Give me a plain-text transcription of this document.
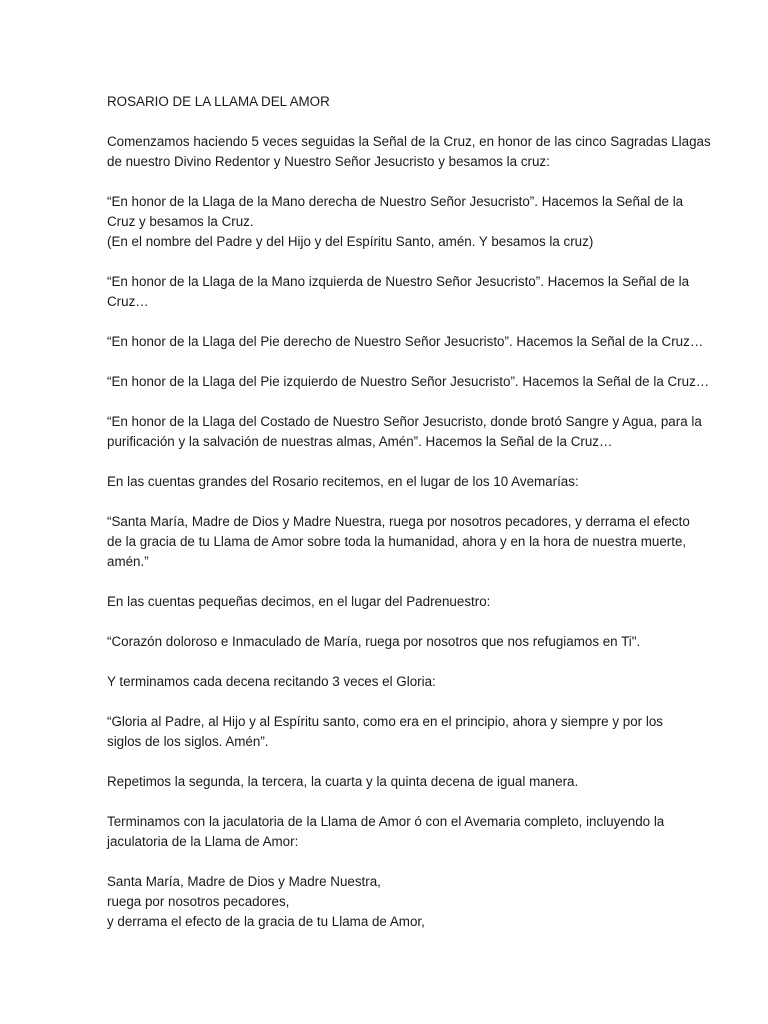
ROSARIO DE LA LLAMA DEL AMOR

Comenzamos haciendo 5 veces seguidas la Señal de la Cruz, en honor de las cinco Sagradas Llagas
de nuestro Divino Redentor y Nuestro Señor Jesucristo y besamos la cruz:

“En honor de la Llaga de la Mano derecha de Nuestro Señor Jesucristo”. Hacemos la Señal de la
Cruz y besamos la Cruz.
(En el nombre del Padre y del Hijo y del Espíritu Santo, amén. Y besamos la cruz)

“En honor de la Llaga de la Mano izquierda de Nuestro Señor Jesucristo”. Hacemos la Señal de la
Cruz…

“En honor de la Llaga del Pie derecho de Nuestro Señor Jesucristo”. Hacemos la Señal de la Cruz…

“En honor de la Llaga del Pie izquierdo de Nuestro Señor Jesucristo”. Hacemos la Señal de la Cruz…

“En honor de la Llaga del Costado de Nuestro Señor Jesucristo, donde brotó Sangre y Agua, para la
purificación y la salvación de nuestras almas, Amén”. Hacemos la Señal de la Cruz…

En las cuentas grandes del Rosario recitemos, en el lugar de los 10 Avemarías:

“Santa María, Madre de Dios y Madre Nuestra, ruega por nosotros pecadores, y derrama el efecto
de la gracia de tu Llama de Amor sobre toda la humanidad, ahora y en la hora de nuestra muerte,
amén.”

En las cuentas pequeñas decimos, en el lugar del Padrenuestro:

“Corazón doloroso e Inmaculado de María, ruega por nosotros que nos refugiamos en Ti".

Y terminamos cada decena recitando 3 veces el Gloria:

“Gloria al Padre, al Hijo y al Espíritu santo, como era en el principio, ahora y siempre y por los
siglos de los siglos. Amén”.

Repetimos la segunda, la tercera, la cuarta y la quinta decena de igual manera.

Terminamos con la jaculatoria de la Llama de Amor ó con el Avemaria completo, incluyendo la
jaculatoria de la Llama de Amor:

Santa María, Madre de Dios y Madre Nuestra,
ruega por nosotros pecadores,
y derrama el efecto de la gracia de tu Llama de Amor,
